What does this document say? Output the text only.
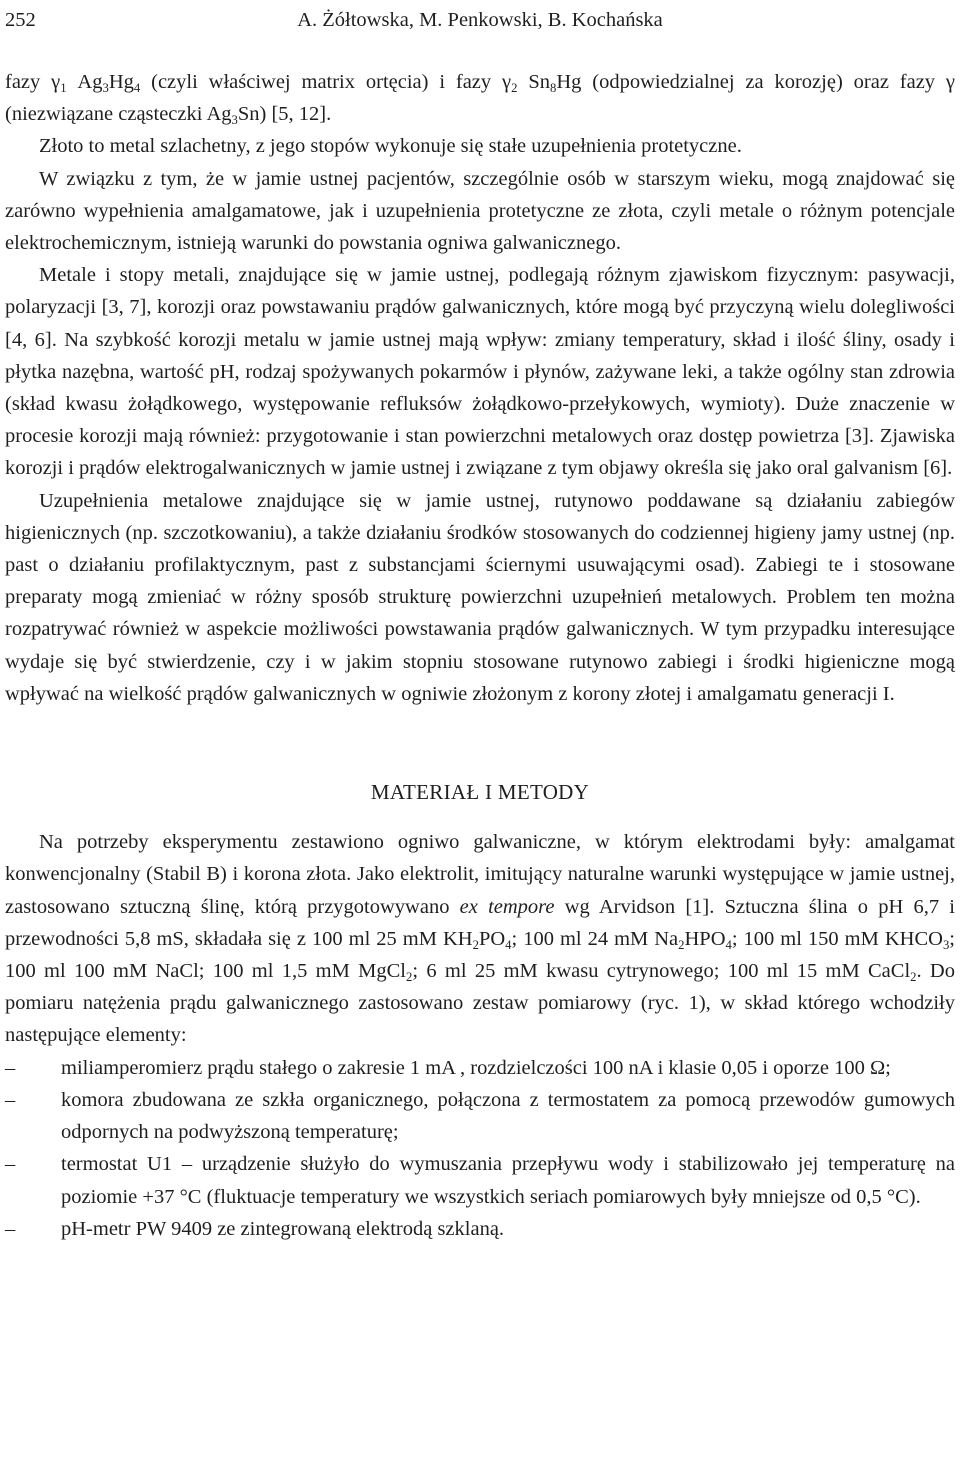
252	A. Żółtowska, M. Penkowski, B. Kochańska

fazy $\gamma_1$ $Ag_3Hg_4$ (czyli właściwej matrix ortęcia) i fazy $\gamma_2$ $Sn_8Hg$ (odpowiedzialnej za korozję) oraz fazy γ (niezwiązane cząsteczki $Ag_3Sn$) [5, 12].

Złoto to metal szlachetny, z jego stopów wykonuje się stałe uzupełnienia protetyczne.

W związku z tym, że w jamie ustnej pacjentów, szczególnie osób w starszym wieku, mogą znajdować się zarówno wypełnienia amalgamatowe, jak i uzupełnienia protetyczne ze złota, czyli metale o różnym potencjale elektrochemicznym, istnieją warunki do powstania ogniwa galwanicznego.

Metale i stopy metali, znajdujące się w jamie ustnej, podlegają różnym zjawiskom fizycznym: pasywacji, polaryzacji [3, 7], korozji oraz powstawaniu prądów galwanicznych, które mogą być przyczyną wielu dolegliwości [4, 6]. Na szybkość korozji metalu w jamie ustnej mają wpływ: zmiany temperatury, skład i ilość śliny, osady i płytka nazębna, wartość pH, rodzaj spożywanych pokarmów i płynów, zażywane leki, a także ogólny stan zdrowia (skład kwasu żołądkowego, występowanie refluksów żołądkowo-przełykowych, wymioty). Duże znaczenie w procesie korozji mają również: przygotowanie i stan powierzchni metalowych oraz dostęp powietrza [3]. Zjawiska korozji i prądów elektrogalwanicznych w jamie ustnej i związane z tym objawy określa się jako oral galvanism [6].

Uzupełnienia metalowe znajdujące się w jamie ustnej, rutynowo poddawane są działaniu zabiegów higienicznych (np. szczotkowaniu), a także działaniu środków stosowanych do codziennej higieny jamy ustnej (np. past o działaniu profilaktycznym, past z substancjami ściernymi usuwającymi osad). Zabiegi te i stosowane preparaty mogą zmieniać w różny sposób strukturę powierzchni uzupełnień metalowych. Problem ten można rozpatrywać również w aspekcie możliwości powstawania prądów galwanicznych. W tym przypadku interesujące wydaje się być stwierdzenie, czy i w jakim stopniu stosowane rutynowo zabiegi i środki higieniczne mogą wpływać na wielkość prądów galwanicznych w ogniwie złożonym z korony złotej i amalgamatu generacji I.

MATERIAŁ I METODY

Na potrzeby eksperymentu zestawiono ogniwo galwaniczne, w którym elektrodami były: amalgamat konwencjonalny (Stabil B) i korona złota. Jako elektrolit, imitujący naturalne warunki występujące w jamie ustnej, zastosowano sztuczną ślinę, którą przygotowywano ex tempore wg Arvidson [1]. Sztuczna ślina o pH 6,7 i przewodności 5,8 mS, składała się z 100 ml 25 mM $KH_2PO_4$; 100 ml 24 mM $Na_2HPO_4$; 100 ml 150 mM $KHCO_3$; 100 ml 100 mM NaCl; 100 ml 1,5 mM MgCl$_2$; 6 ml 25 mM kwasu cytrynowego; 100 ml 15 mM CaCl$_2$. Do pomiaru natężenia prądu galwanicznego zastosowano zestaw pomiarowy (ryc. 1), w skład którego wchodziły następujące elementy:

– miliamperomierz prądu stałego o zakresie 1 mA , rozdzielczości 100 nA i klasie 0,05 i oporze 100 Ω;
– komora zbudowana ze szkła organicznego, połączona z termostatem za pomocą przewodów gumowych odpornych na podwyższoną temperaturę;
– termostat U1 – urządzenie służyło do wymuszania przepływu wody i stabilizowało jej temperaturę na poziomie +37 °C (fluktuacje temperatury we wszystkich seriach pomiarowych były mniejsze od 0,5 °C).
– pH-metr PW 9409 ze zintegrowaną elektrodą szklaną.
